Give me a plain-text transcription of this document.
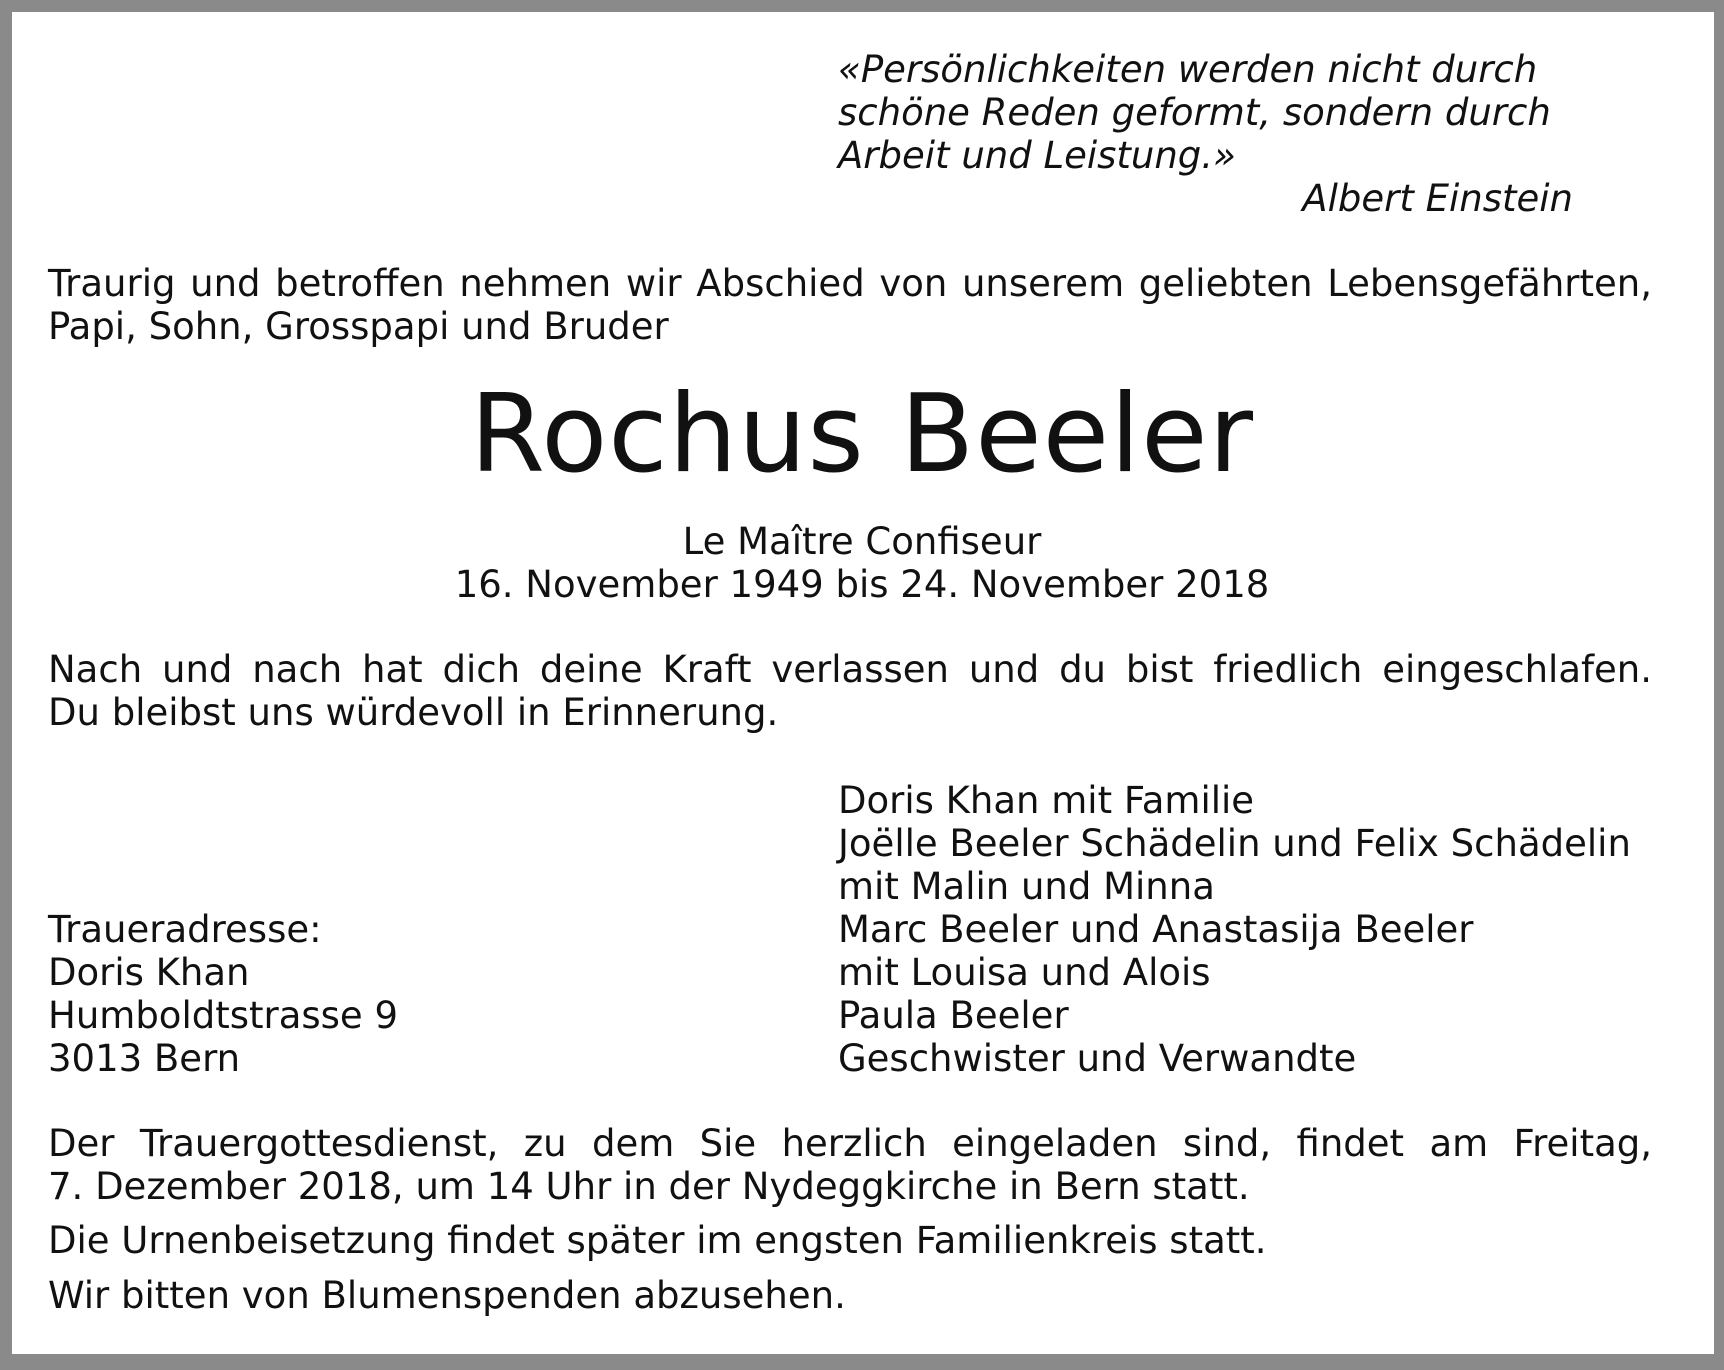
«Persönlichkeiten werden nicht durch
schöne Reden geformt, sondern durch
Arbeit und Leistung.»
Albert Einstein
Traurig und betroffen nehmen wir Abschied von unserem geliebten Lebensgefährten,
Papi, Sohn, Grosspapi und Bruder
Rochus Beeler
Le Maître Confiseur
16. November 1949 bis 24. November 2018
Nach und nach hat dich deine Kraft verlassen und du bist friedlich eingeschlafen.
Du bleibst uns würdevoll in Erinnerung.
Doris Khan mit Familie
Joëlle Beeler Schädelin und Felix Schädelin
mit Malin und Minna
Marc Beeler und Anastasija Beeler
mit Louisa und Alois
Paula Beeler
Geschwister und Verwandte
Traueradresse:
Doris Khan
Humboldtstrasse 9
3013 Bern
Der Trauergottesdienst, zu dem Sie herzlich eingeladen sind, findet am Freitag,
7. Dezember 2018, um 14 Uhr in der Nydeggkirche in Bern statt.
Die Urnenbeisetzung findet später im engsten Familienkreis statt.
Wir bitten von Blumenspenden abzusehen.
